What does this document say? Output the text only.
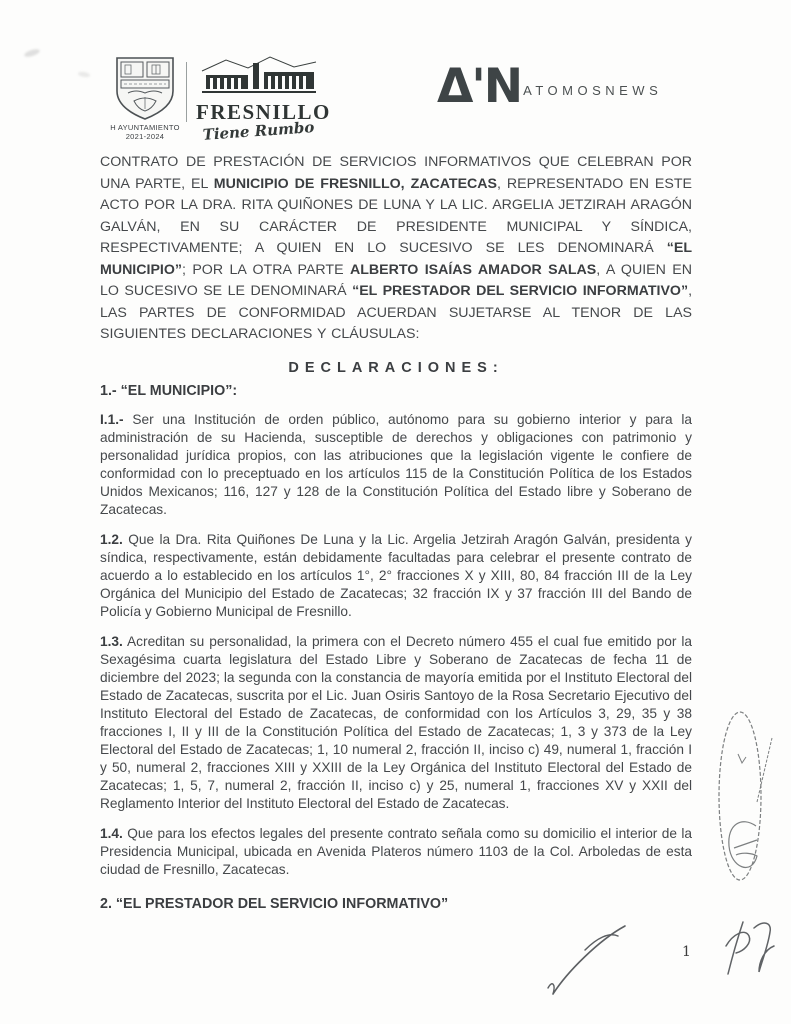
H AYUNTAMIENTO
2021-2024
FRESNILLO
Tiene Rumbo
Δ'N $^{ATOMOSNEWS}$

CONTRATO DE PRESTACIÓN DE SERVICIOS INFORMATIVOS QUE CELEBRAN POR UNA PARTE, EL MUNICIPIO DE FRESNILLO, ZACATECAS, REPRESENTADO EN ESTE ACTO POR LA DRA. RITA QUIÑONES DE LUNA Y LA LIC. ARGELIA JETZIRAH ARAGÓN GALVÁN, EN SU CARÁCTER DE PRESIDENTE MUNICIPAL Y SÍNDICA, RESPECTIVAMENTE; A QUIEN EN LO SUCESIVO SE LES DENOMINARÁ “EL MUNICIPIO”; POR LA OTRA PARTE ALBERTO ISAÍAS AMADOR SALAS, A QUIEN EN LO SUCESIVO SE LE DENOMINARÁ “EL PRESTADOR DEL SERVICIO INFORMATIVO”, LAS PARTES DE CONFORMIDAD ACUERDAN SUJETARSE AL TENOR DE LAS SIGUIENTES DECLARACIONES Y CLÁUSULAS:

DECLARACIONES:
1.- “EL MUNICIPIO”:

I.1.- Ser una Institución de orden público, autónomo para su gobierno interior y para la administración de su Hacienda, susceptible de derechos y obligaciones con patrimonio y personalidad jurídica propios, con las atribuciones que la legislación vigente le confiere de conformidad con lo preceptuado en los artículos 115 de la Constitución Política de los Estados Unidos Mexicanos; 116, 127 y 128 de la Constitución Política del Estado libre y Soberano de Zacatecas.

1.2. Que la Dra. Rita Quiñones De Luna y la Lic. Argelia Jetzirah Aragón Galván, presidenta y síndica, respectivamente, están debidamente facultadas para celebrar el presente contrato de acuerdo a lo establecido en los artículos 1°, 2° fracciones X y XIII, 80, 84 fracción III de la Ley Orgánica del Municipio del Estado de Zacatecas; 32 fracción IX y 37 fracción III del Bando de Policía y Gobierno Municipal de Fresnillo.

1.3. Acreditan su personalidad, la primera con el Decreto número 455 el cual fue emitido por la Sexagésima cuarta legislatura del Estado Libre y Soberano de Zacatecas de fecha 11 de diciembre del 2023; la segunda con la constancia de mayoría emitida por el Instituto Electoral del Estado de Zacatecas, suscrita por el Lic. Juan Osiris Santoyo de la Rosa Secretario Ejecutivo del Instituto Electoral del Estado de Zacatecas, de conformidad con los Artículos 3, 29, 35 y 38 fracciones I, II y III de la Constitución Política del Estado de Zacatecas; 1, 3 y 373 de la Ley Electoral del Estado de Zacatecas; 1, 10 numeral 2, fracción II, inciso c) 49, numeral 1, fracción I y 50, numeral 2, fracciones XIII y XXIII de la Ley Orgánica del Instituto Electoral del Estado de Zacatecas; 1, 5, 7, numeral 2, fracción II, inciso c) y 25, numeral 1, fracciones XV y XXII del Reglamento Interior del Instituto Electoral del Estado de Zacatecas.

1.4. Que para los efectos legales del presente contrato señala como su domicilio el interior de la Presidencia Municipal, ubicada en Avenida Plateros número 1103 de la Col. Arboledas de esta ciudad de Fresnillo, Zacatecas.

2. “EL PRESTADOR DEL SERVICIO INFORMATIVO”
1
